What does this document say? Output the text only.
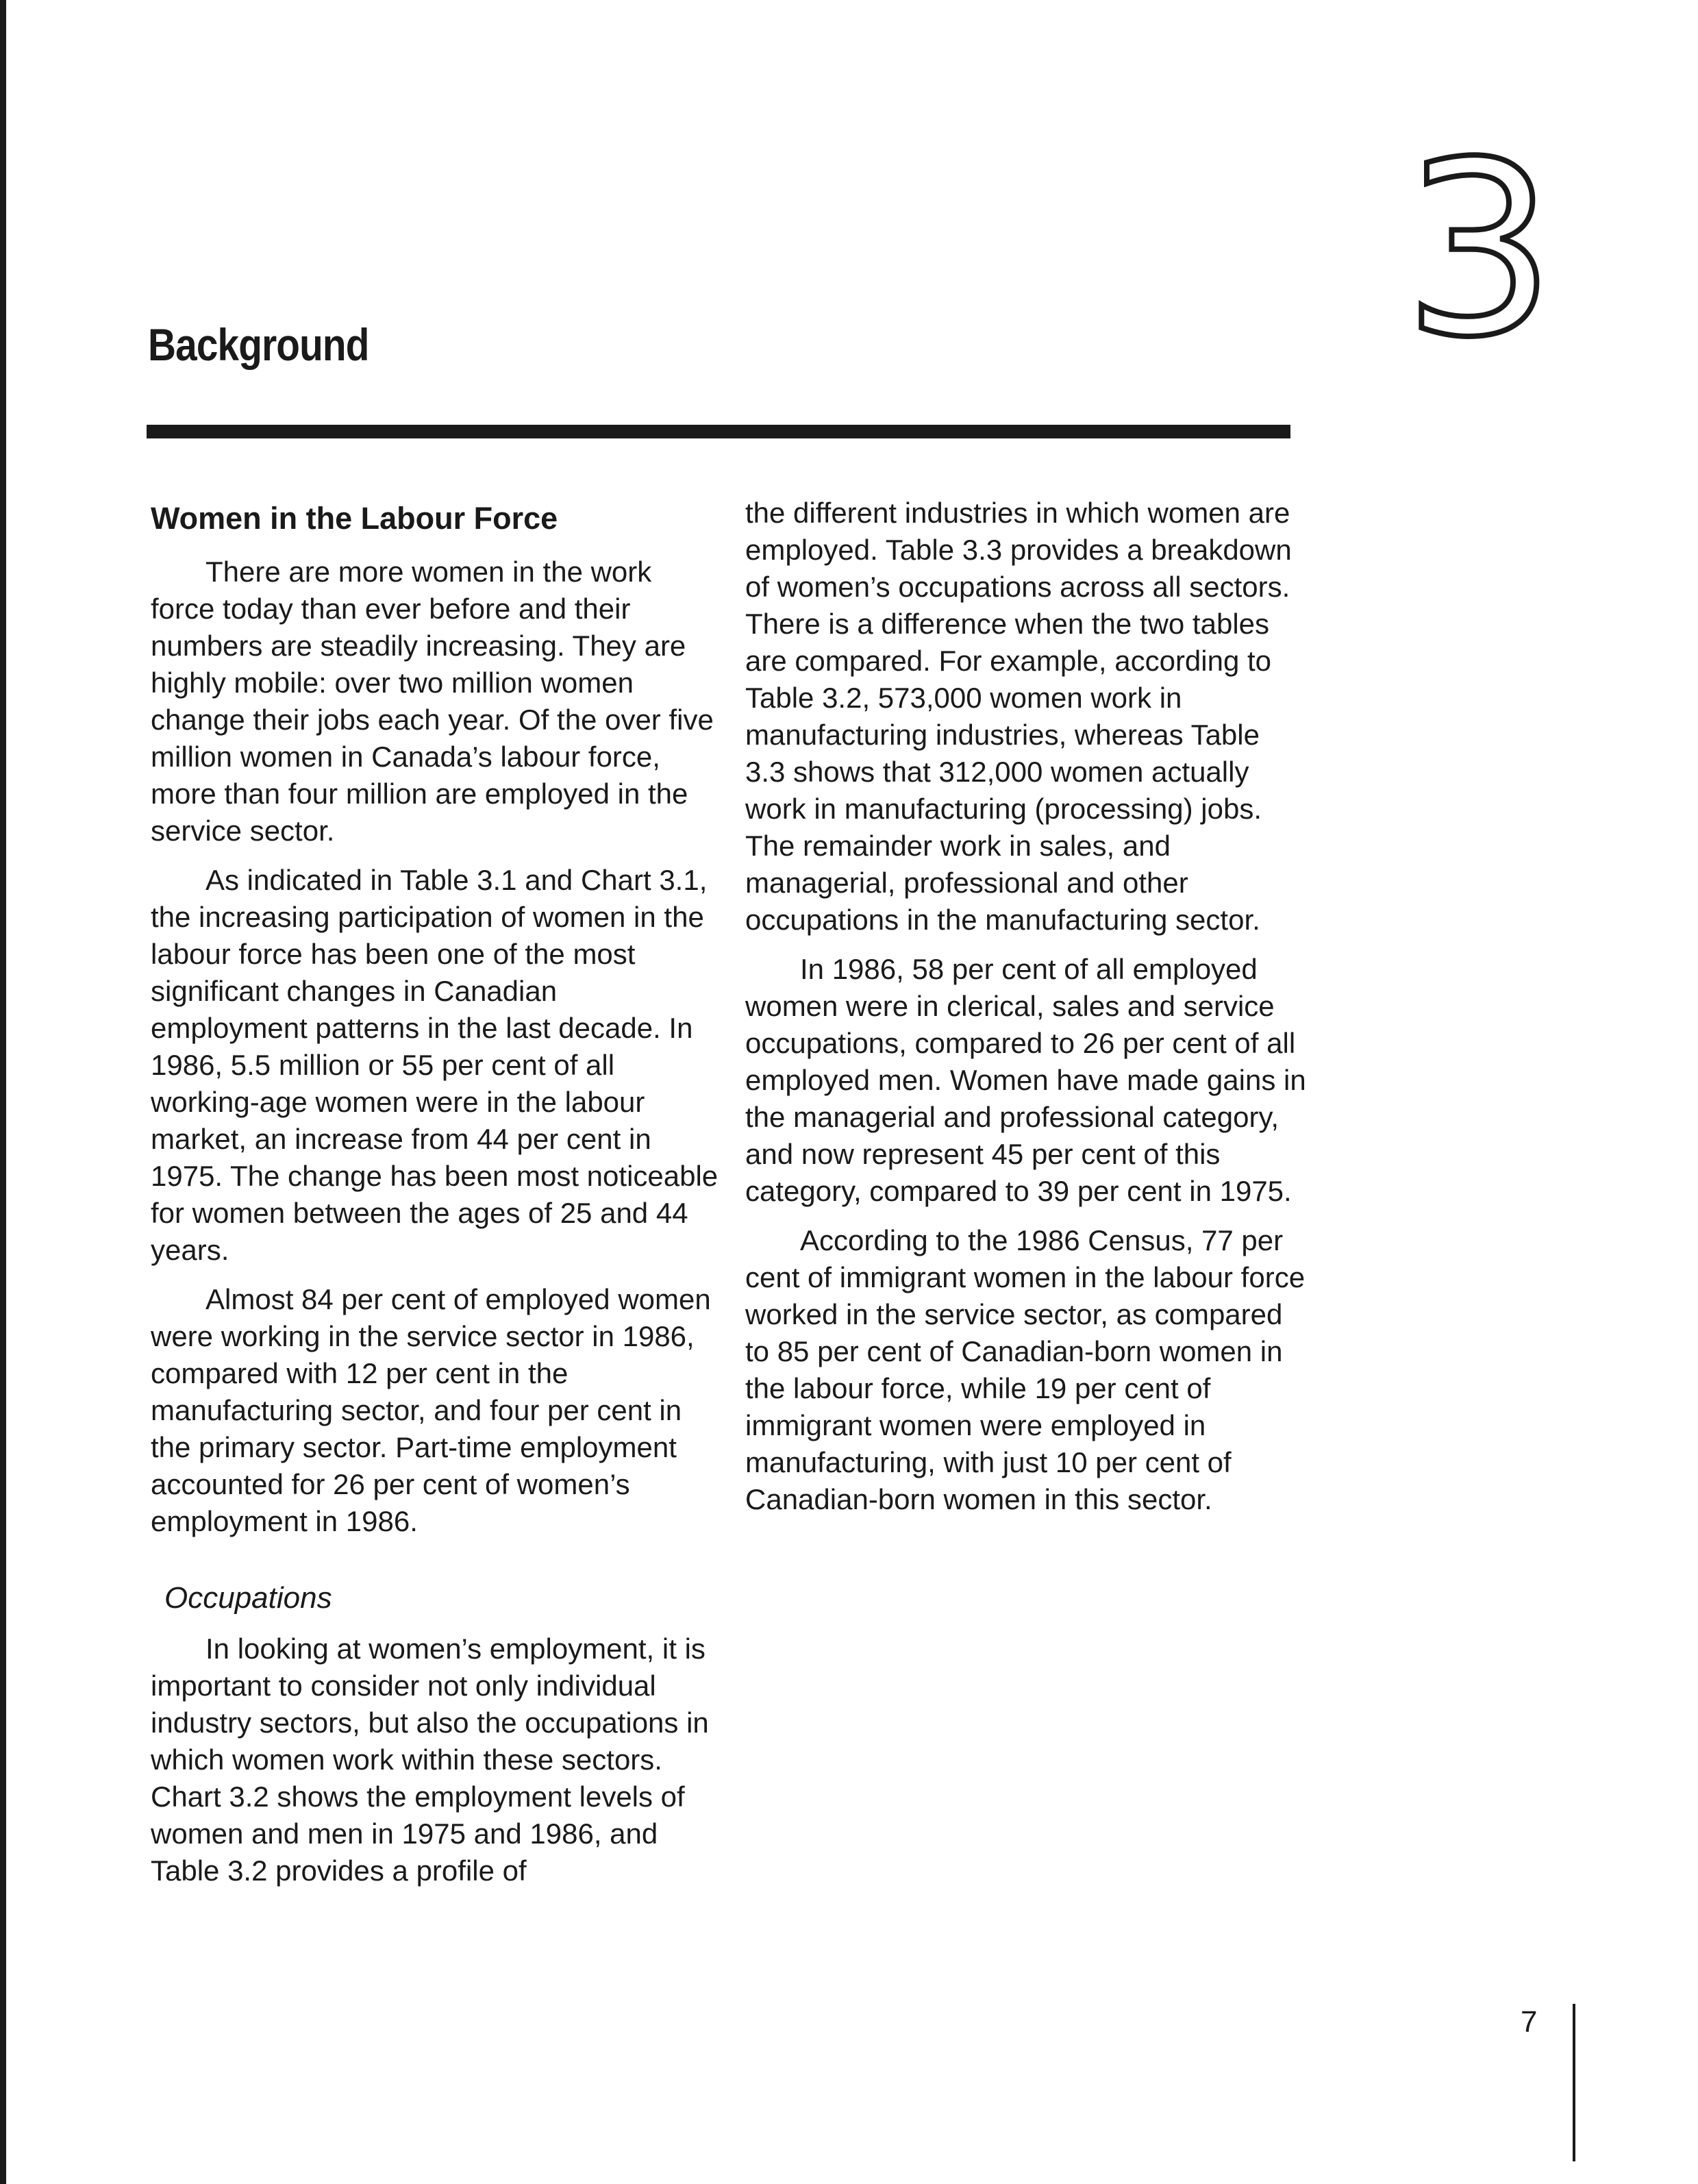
3
Background
Women in the Labour Force

There are more women in the work force today than ever before and their numbers are steadily increasing. They are highly mobile: over two million women change their jobs each year. Of the over five million women in Canada’s labour force, more than four million are employed in the service sector.

As indicated in Table 3.1 and Chart 3.1, the increasing participation of women in the labour force has been one of the most significant changes in Canadian employment patterns in the last decade. In 1986, 5.5 million or 55 per cent of all working-age women were in the labour market, an increase from 44 per cent in 1975. The change has been most noticeable for women between the ages of 25 and 44 years.

Almost 84 per cent of employed women were working in the service sector in 1986, compared with 12 per cent in the manufacturing sector, and four per cent in the primary sector. Part-time employment accounted for 26 per cent of women’s employment in 1986.

Occupations

In looking at women’s employment, it is important to consider not only individual industry sectors, but also the occupations in which women work within these sectors. Chart 3.2 shows the employment levels of women and men in 1975 and 1986, and Table 3.2 provides a profile of

the different industries in which women are employed. Table 3.3 provides a breakdown of women’s occupations across all sectors. There is a difference when the two tables are compared. For example, according to Table 3.2, 573,000 women work in manufacturing industries, whereas Table 3.3 shows that 312,000 women actually work in manufacturing (processing) jobs. The remainder work in sales, and managerial, professional and other occupations in the manufacturing sector.

In 1986, 58 per cent of all employed women were in clerical, sales and service occupations, compared to 26 per cent of all employed men. Women have made gains in the managerial and professional category, and now represent 45 per cent of this category, compared to 39 per cent in 1975.

According to the 1986 Census, 77 per cent of immigrant women in the labour force worked in the service sector, as compared to 85 per cent of Canadian-born women in the labour force, while 19 per cent of immigrant women were employed in manufacturing, with just 10 per cent of Canadian-born women in this sector.

7
